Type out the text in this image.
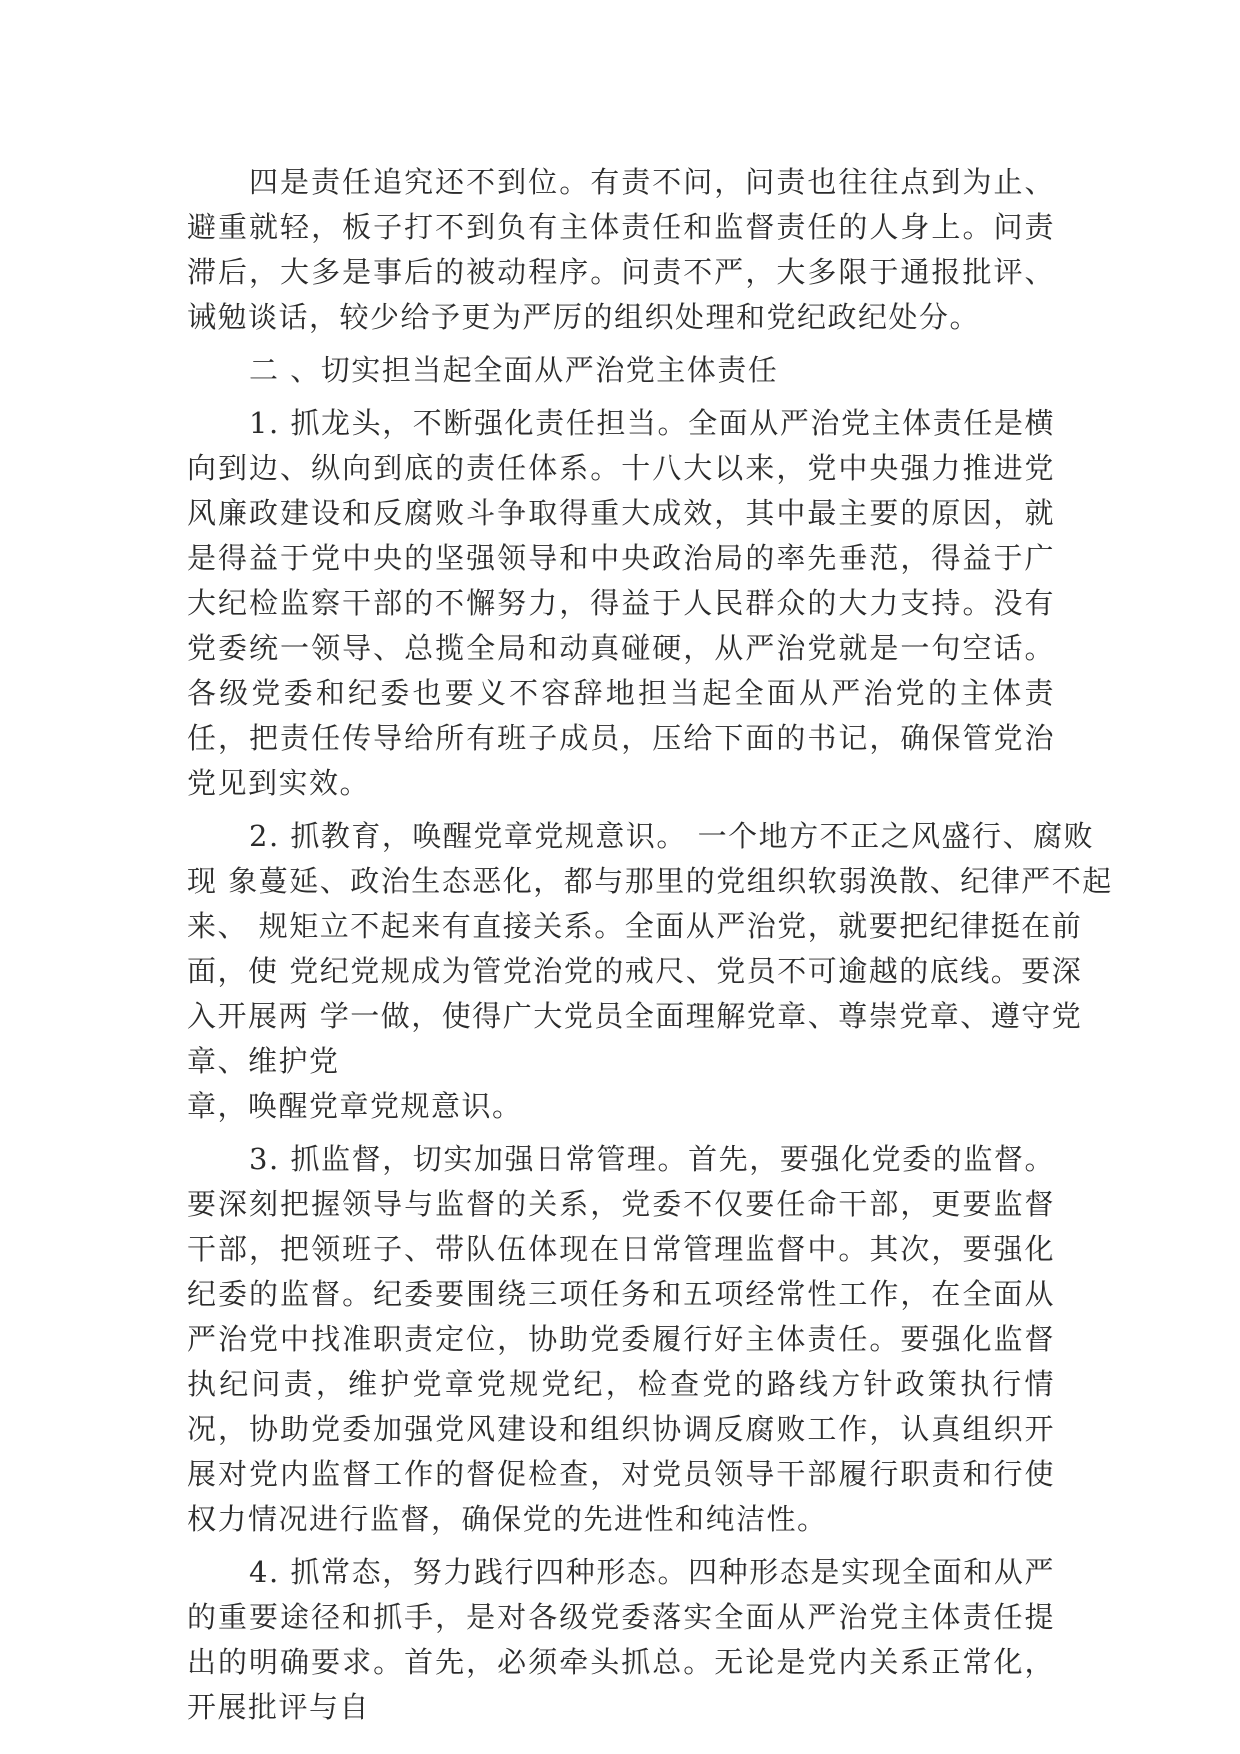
四是责任追究还不到位。有责不问，问责也往往点到为止、避重就轻，板子打不到负有主体责任和监督责任的人身上。问责滞后，大多是事后的被动程序。问责不严，大多限于通报批评、诫勉谈话，较少给予更为严厉的组织处理和党纪政纪处分。

二 、切实担当起全面从严治党主体责任

1. 抓龙头，不断强化责任担当。全面从严治党主体责任是横向到边、纵向到底的责任体系。十八大以来，党中央强力推进党风廉政建设和反腐败斗争取得重大成效，其中最主要的原因，就是得益于党中央的坚强领导和中央政治局的率先垂范，得益于广大纪检监察干部的不懈努力，得益于人民群众的大力支持。没有党委统一领导、总揽全局和动真碰硬，从严治党就是一句空话。各级党委和纪委也要义不容辞地担当起全面从严治党的主体责任，把责任传导给所有班子成员，压给下面的书记，确保管党治党见到实效。

2. 抓教育，唤醒党章党规意识。 一个地方不正之风盛行、腐败
现 象蔓延、政治生态恶化，都与那里的党组织软弱涣散、纪律严不起
来、 规矩立不起来有直接关系。全面从严治党，就要把纪律挺在前
面，使 党纪党规成为管党治党的戒尺、党员不可逾越的底线。要深
入开展两 学一做，使得广大党员全面理解党章、尊崇党章、遵守党
章、维护党
章，唤醒党章党规意识。

3. 抓监督，切实加强日常管理。首先，要强化党委的监督。要深刻把握领导与监督的关系，党委不仅要任命干部，更要监督干部，把领班子、带队伍体现在日常管理监督中。其次，要强化纪委的监督。纪委要围绕三项任务和五项经常性工作，在全面从严治党中找准职责定位，协助党委履行好主体责任。要强化监督执纪问责，维护党章党规党纪，检查党的路线方针政策执行情况，协助党委加强党风建设和组织协调反腐败工作，认真组织开展对党内监督工作的督促检查，对党员领导干部履行职责和行使权力情况进行监督，确保党的先进性和纯洁性。

4. 抓常态，努力践行四种形态。四种形态是实现全面和从严的重要途径和抓手，是对各级党委落实全面从严治党主体责任提出的明确要求。首先，必须牵头抓总。无论是党内关系正常化，开展批评与自
